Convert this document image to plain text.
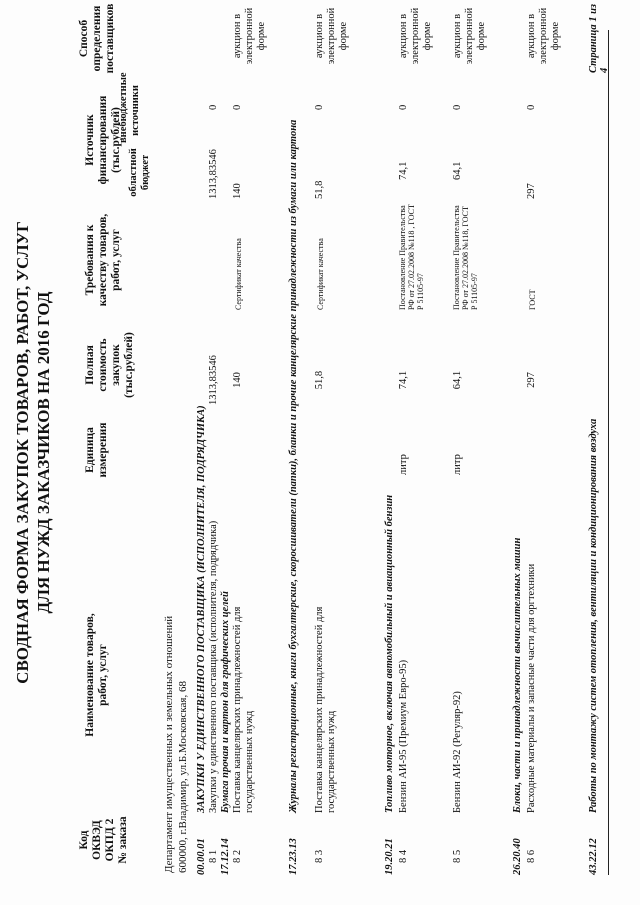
СВОДНАЯ ФОРМА ЗАКУПОК ТОВАРОВ, РАБОТ, УСЛУГ ДЛЯ НУЖД ЗАКАЗЧИКОВ НА 2016 ГОД
Код ОКВЭД ОКПД 2 № заказа
Наименование товаров, работ, услуг
Единица измерения
Полная стоимость закупок (тыс.рублей)
Требования к качеству товаров, работ, услуг
Источник финансирования (тыс.рублей) областной бюджет
внебюджетные источники
Способ определения поставщиков
Департамент имущественных и земельных отношений 600000, г.Владимир, ул.Б.Московская, 68 00.00.01
ЗАКУПКИ У ЕДИНСТВЕННОГО ПОСТАВЩИКА (ИСПОЛНИТЕЛЯ, ПОДРЯДЧИКА)
8 1
Закупки у единственного поставщика (исполнителя, подрядчика)
1313,83546
1313,83546
0
17.12.14
Бумага прочая и картон для графических целей
8 2
Поставка канцелярских принадлежностей для государственных нужд
140
Сертификат качества
140
0
аукцион в электронной форме
17.23.13
Журналы регистрационные, книги бухгалтерские, скоросшиватели (папки), бланки и прочие канцелярские принадлежности из бумаги или картона
8 3
Поставка канцелярских принадлежностей для государственных нужд
51,8
Сертификат качества
51,8
0
аукцион в электронной форме
19.20.21
Топливо моторное, включая автомобильный и авиационный бензин
8 4
Бензин АИ-95 (Премиум Евро-95)
литр
74,1
Постановление Правительства РФ от 27.02.2008 №118 , ГОСТ Р 51105-97
74,1
0
аукцион в электронной форме
8 5
Бензин АИ-92 (Регуляр-92)
литр
64,1
Постановление Правительства РФ от 27.02.2008 №118, ГОСТ Р 51105-97
64,1
0
аукцион в электронной форме
26.20.40
Блоки, части и принадлежности вычислительных машин
8 6
Расходные материалы и запасные части для оргтехники
297
ГОСТ
297
0
аукцион в электронной форме
43.22.12
Работы по монтажу систем отопления, вентиляции и кондиционирования воздуха
Страница 1 из 4
